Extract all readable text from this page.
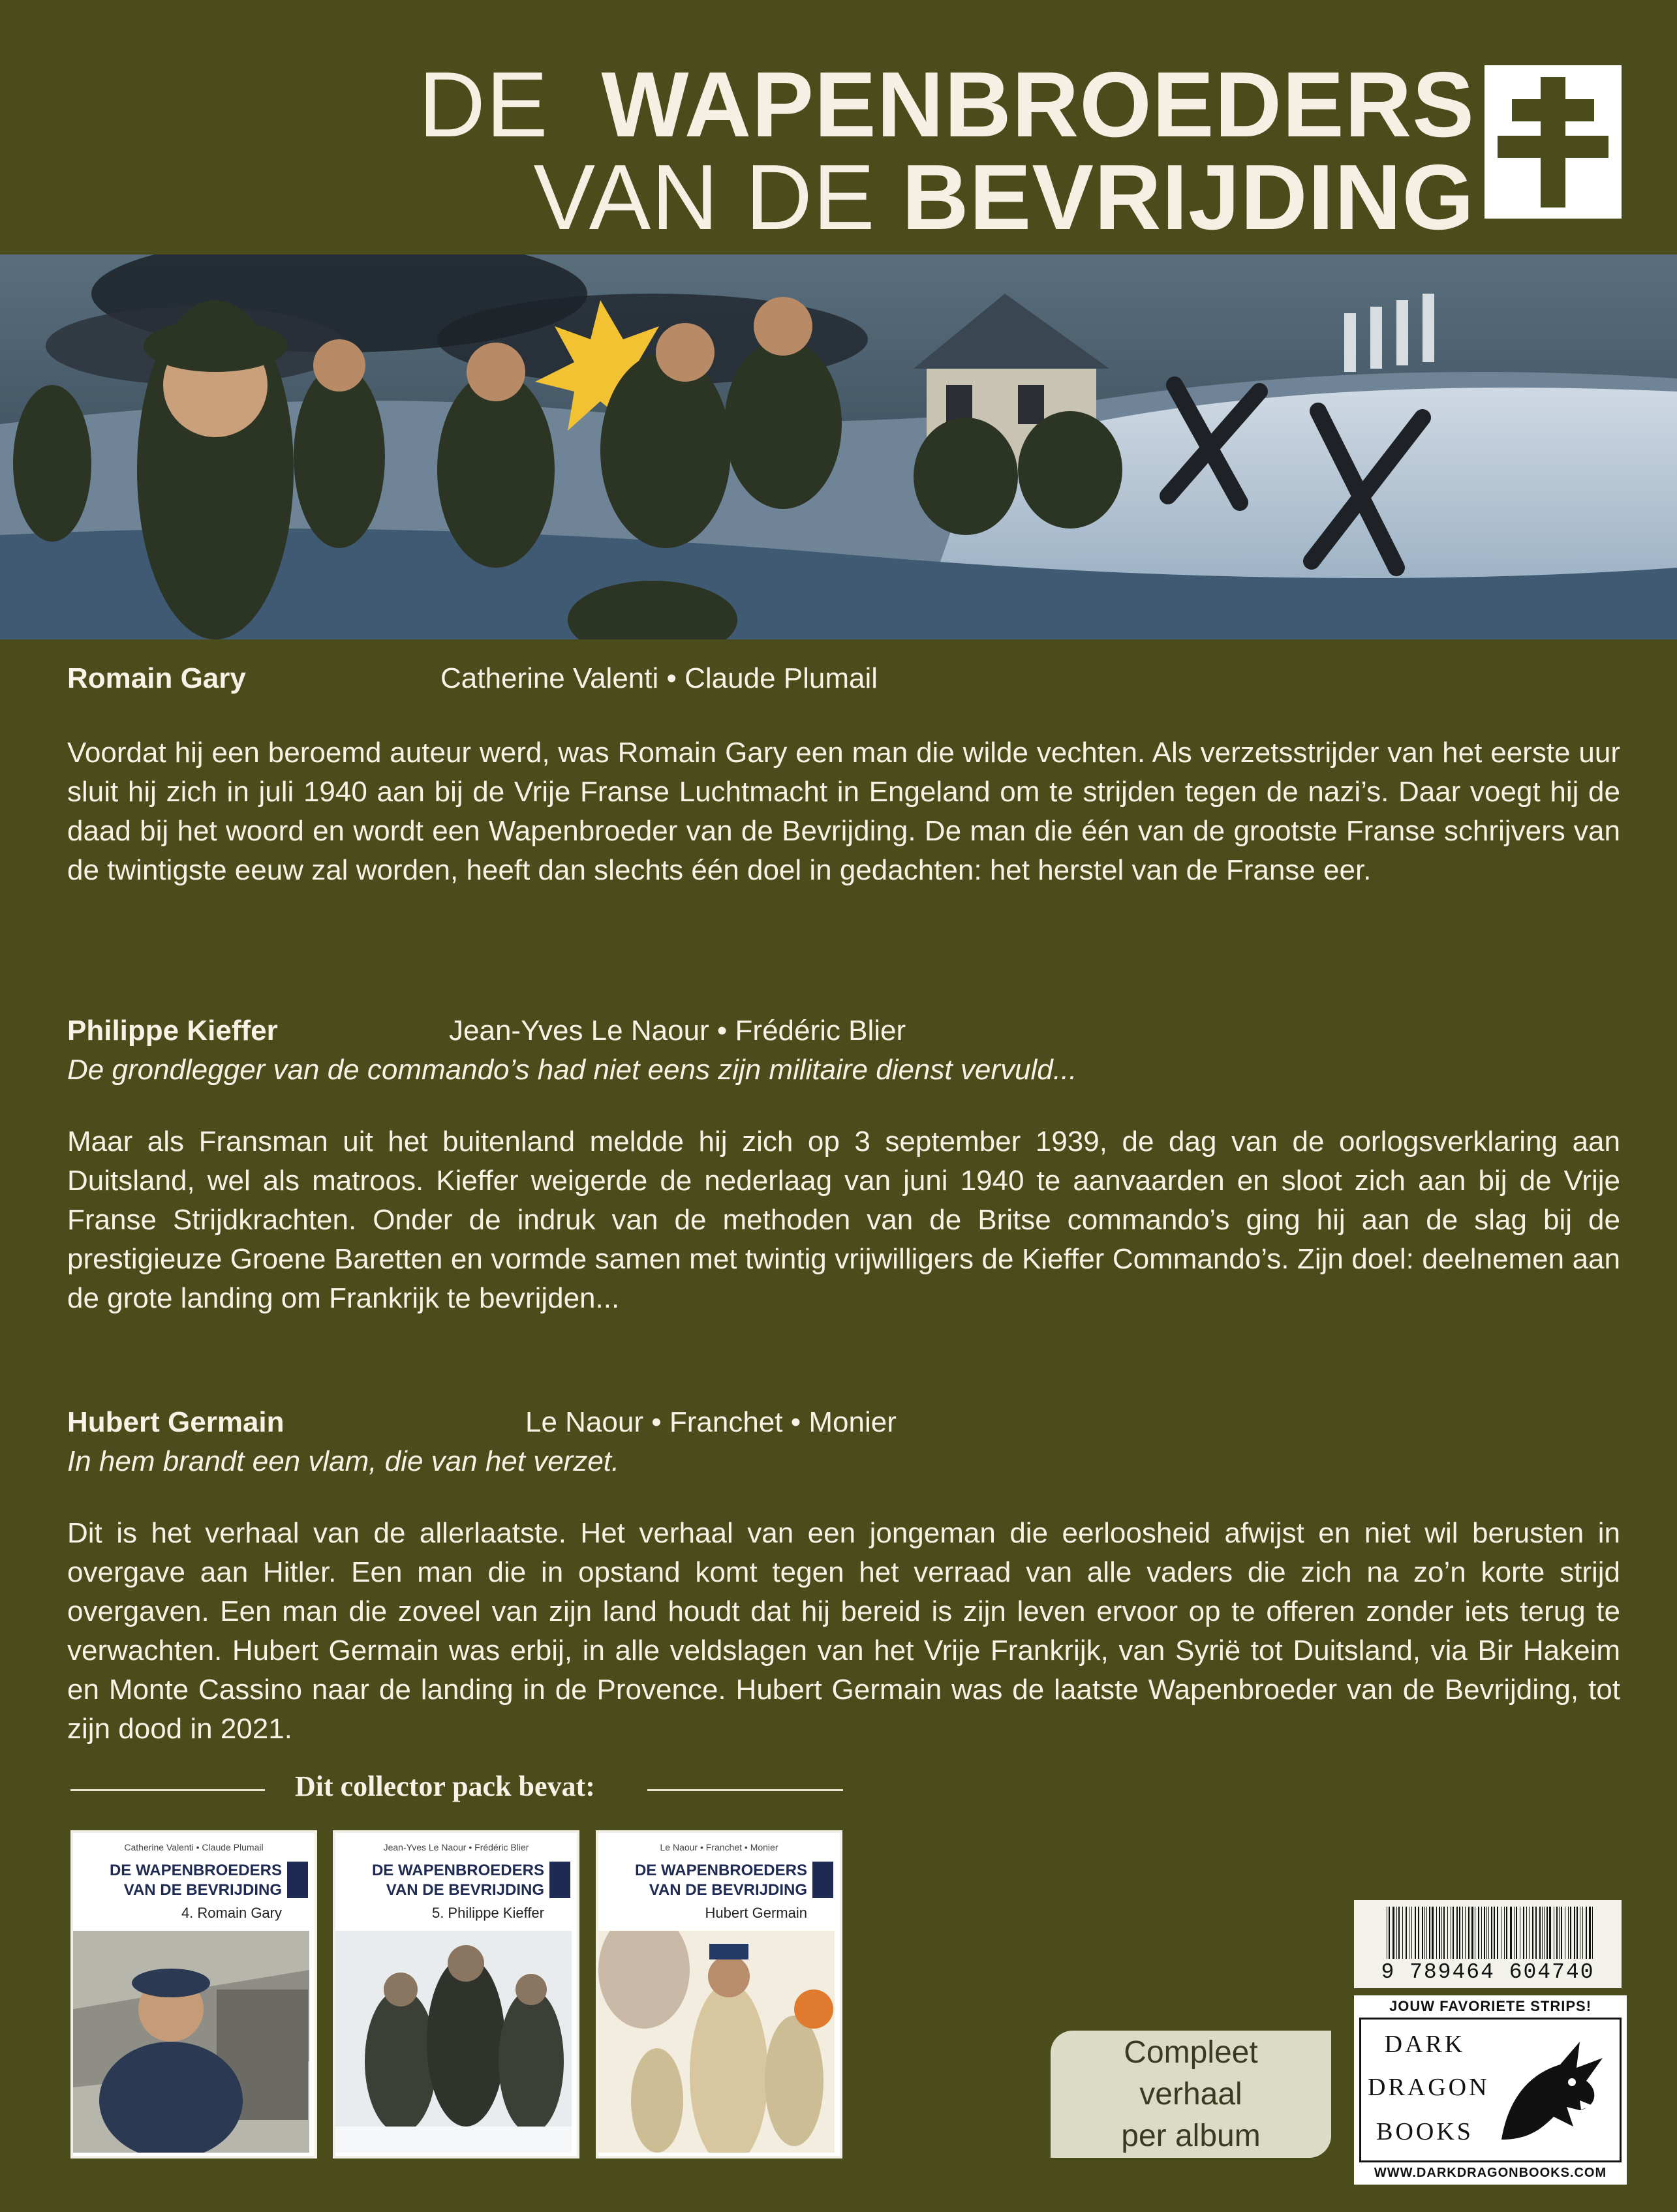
DE WAPENBROEDERS
VAN DE BEVRIJDING
Romain Gary	Catherine Valenti • Claude Plumail
Voordat hij een beroemd auteur werd, was Romain Gary een man die wilde vechten. Als verzetsstrijder van het eerste uur sluit hij zich in juli 1940 aan bij de Vrije Franse Luchtmacht in Engeland om te strijden tegen de nazi’s. Daar voegt hij de daad bij het woord en wordt een Wapenbroeder van de Bevrijding. De man die één van de grootste Franse schrijvers van de twintigste eeuw zal worden, heeft dan slechts één doel in gedachten: het herstel van de Franse eer.
Philippe Kieffer	Jean-Yves Le Naour • Frédéric Blier
De grondlegger van de commando’s had niet eens zijn militaire dienst vervuld...
Maar als Fransman uit het buitenland meldde hij zich op 3 september 1939, de dag van de oorlogsverklaring aan Duitsland, wel als matroos. Kieffer weigerde de nederlaag van juni 1940 te aanvaarden en sloot zich aan bij de Vrije Franse Strijdkrachten. Onder de indruk van de methoden van de Britse commando’s ging hij aan de slag bij de prestigieuze Groene Baretten en vormde samen met twintig vrijwilligers de Kieffer Commando’s. Zijn doel: deelnemen aan de grote landing om Frankrijk te bevrijden...
Hubert Germain	Le Naour • Franchet • Monier
In hem brandt een vlam, die van het verzet.
Dit is het verhaal van de allerlaatste. Het verhaal van een jongeman die eerloosheid afwijst en niet wil berusten in overgave aan Hitler. Een man die in opstand komt tegen het verraad van alle vaders die zich na zo’n korte strijd overgaven. Een man die zoveel van zijn land houdt dat hij bereid is zijn leven ervoor op te offeren zonder iets terug te verwachten. Hubert Germain was erbij, in alle veldslagen van het Vrije Frankrijk, van Syrië tot Duitsland, via Bir Hakeim en Monte Cassino naar de landing in de Provence. Hubert Germain was de laatste Wapenbroeder van de Bevrijding, tot zijn dood in 2021.
Dit collector pack bevat:
Catherine Valenti • Claude Plumail
DE WAPENBROEDERS
VAN DE BEVRIJDING
4. Romain Gary
Jean-Yves Le Naour • Frédéric Blier
DE WAPENBROEDERS
VAN DE BEVRIJDING
5. Philippe Kieffer
Le Naour • Franchet • Monier
DE WAPENBROEDERS
VAN DE BEVRIJDING
Hubert Germain
Compleet
verhaal
per album
9 789464 604740
JOUW FAVORIETE STRIPS!
DARK
DRAGON
BOOKS
WWW.DARKDRAGONBOOKS.COM
